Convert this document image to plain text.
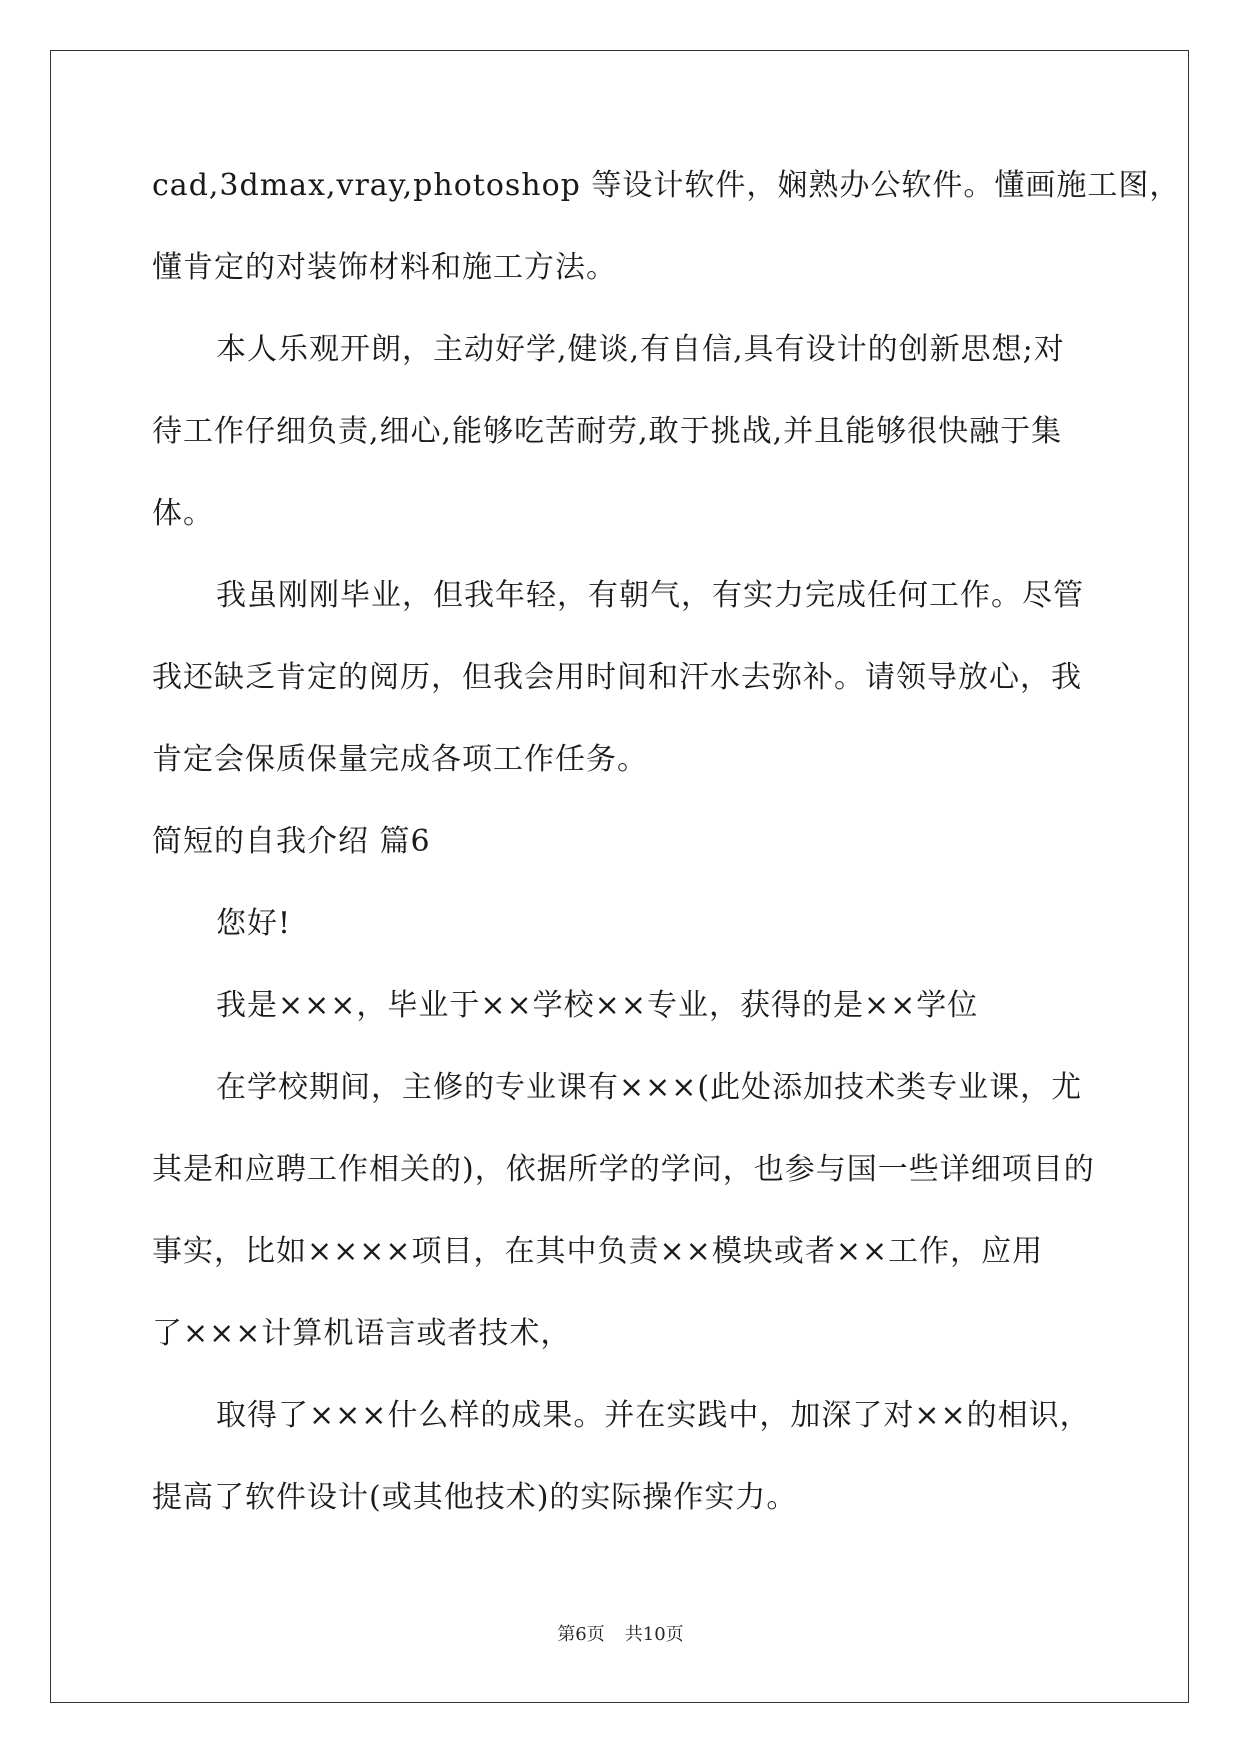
cad,3dmax,vray,photoshop 等设计软件，娴熟办公软件。懂画施工图，
懂肯定的对装饰材料和施工方法。
本人乐观开朗，主动好学,健谈,有自信,具有设计的创新思想;对
待工作仔细负责,细心,能够吃苦耐劳,敢于挑战,并且能够很快融于集
体。
我虽刚刚毕业，但我年轻，有朝气，有实力完成任何工作。尽管
我还缺乏肯定的阅历，但我会用时间和汗水去弥补。请领导放心，我
肯定会保质保量完成各项工作任务。
简短的自我介绍 篇6
您好!
我是×××，毕业于××学校××专业，获得的是××学位
在学校期间，主修的专业课有×××(此处添加技术类专业课，尤
其是和应聘工作相关的)，依据所学的学问，也参与国一些详细项目的
事实，比如××××项目，在其中负责××模块或者××工作，应用
了×××计算机语言或者技术，
取得了×××什么样的成果。并在实践中，加深了对××的相识，
提高了软件设计(或其他技术)的实际操作实力。
第6页 共10页
